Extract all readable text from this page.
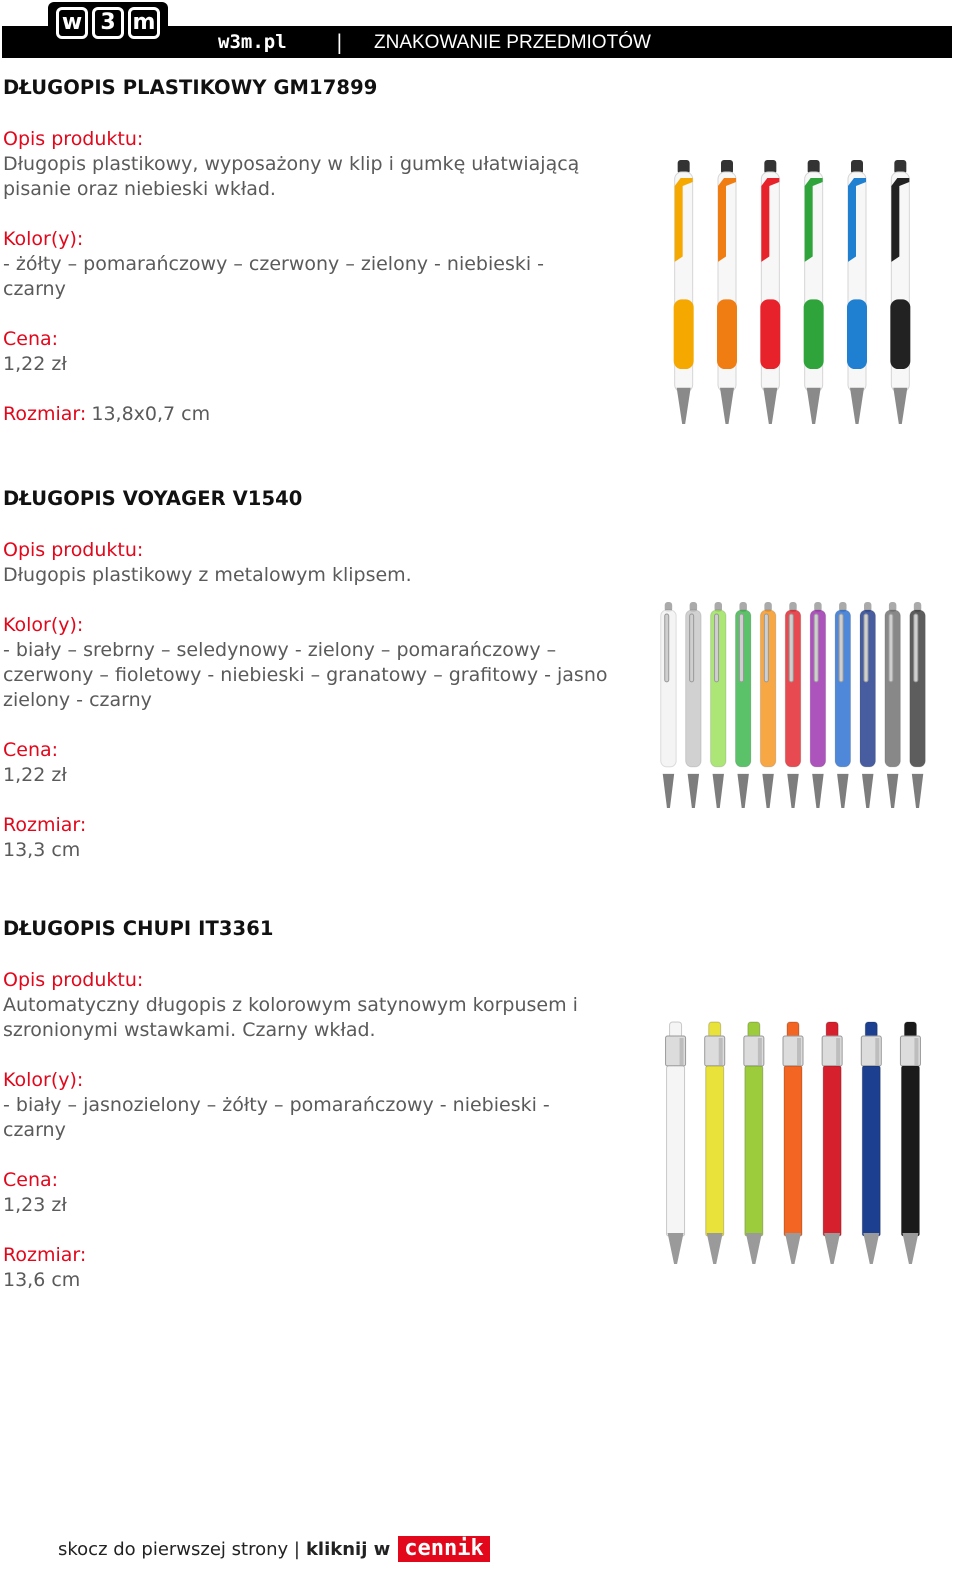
w 3 m
w3m.pl | ZNAKOWANIE PRZEDMIOTÓW
DŁUGOPIS PLASTIKOWY GM17899
Opis produktu:
Długopis plastikowy, wyposażony w klip i gumkę ułatwiającą pisanie oraz niebieski wkład.
Kolor(y):
- żółty – pomarańczowy – czerwony – zielony - niebieski - czarny
Cena:
1,22 zł
Rozmiar: 13,8x0,7 cm
DŁUGOPIS VOYAGER V1540
Opis produktu:
Długopis plastikowy z metalowym klipsem.
Kolor(y):
- biały – srebrny – seledynowy - zielony – pomarańczowy – czerwony – fioletowy - niebieski – granatowy – grafitowy - jasno zielony - czarny
Cena:
1,22 zł
Rozmiar:
13,3 cm
DŁUGOPIS CHUPI IT3361
Opis produktu:
Automatyczny długopis z kolorowym satynowym korpusem i szronionymi wstawkami. Czarny wkład.
Kolor(y):
- biały – jasnozielony – żółty – pomarańczowy - niebieski - czarny
Cena:
1,23 zł
Rozmiar:
13,6 cm
skocz do pierwszej strony | kliknij w cennik
